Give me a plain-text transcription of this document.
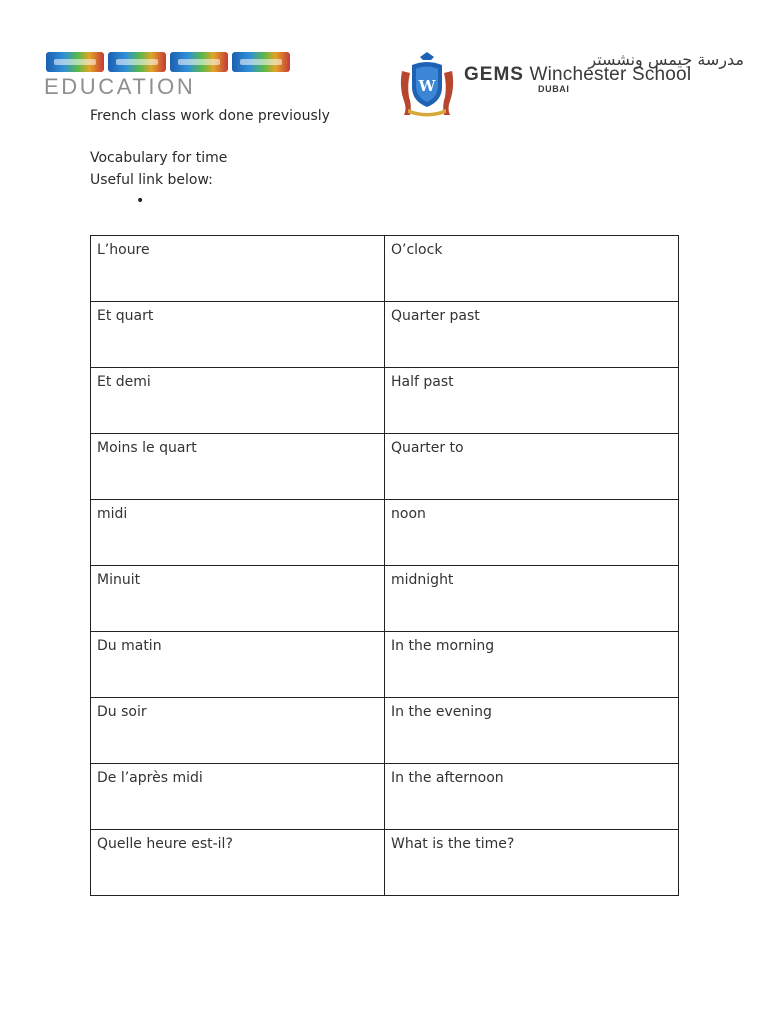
EDUCATION	W
مدرسة جيمس ونشستر
GEMS Winchester School
DUBAI
French class work done previously
Vocabulary for time
Useful link below:
•
L’houre	O’clock
Et quart	Quarter past
Et demi	Half past
Moins le quart	Quarter to
midi	noon
Minuit	midnight
Du matin	In the morning
Du soir	In the evening
De l’après midi	In the afternoon
Quelle heure est-il?	What is the time?
